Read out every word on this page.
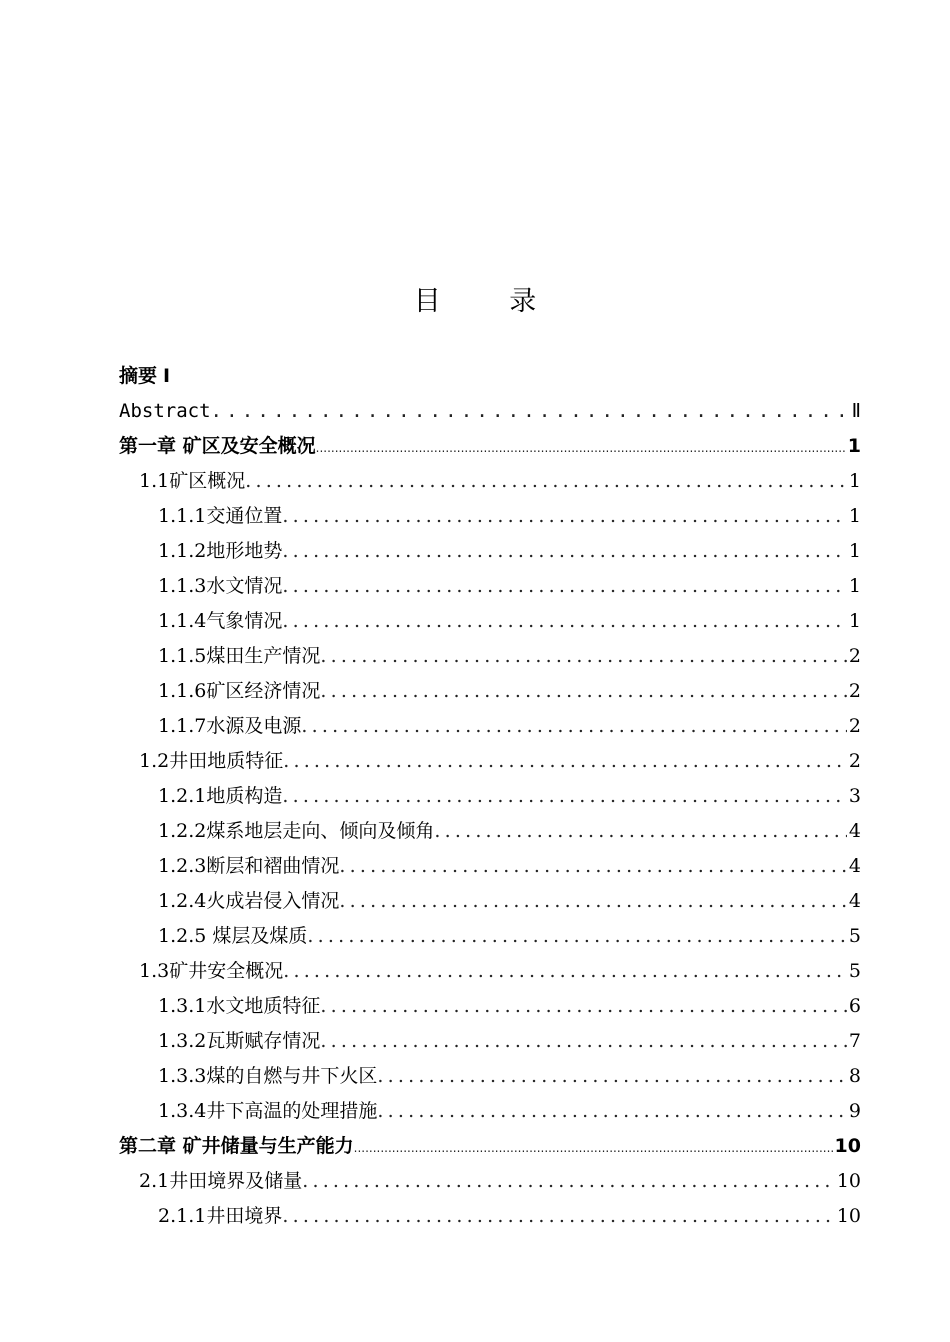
目 录
摘要 Ⅰ
Abstract .....	Ⅱ
第一章 矿区及安全概况 .....	1
1.1矿区概况 .....	1
1.1.1交通位置 .....	1
1.1.2地形地势 .....	1
1.1.3水文情况 .....	1
1.1.4气象情况 .....	1
1.1.5煤田生产情况 .....	2
1.1.6矿区经济情况 .....	2
1.1.7水源及电源 .....	2
1.2井田地质特征 .....	2
1.2.1地质构造 .....	3
1.2.2煤系地层走向、倾向及倾角 .....	4
1.2.3断层和褶曲情况 .....	4
1.2.4火成岩侵入情况 .....	4
1.2.5 煤层及煤质 .....	5
1.3矿井安全概况 .....	5
1.3.1水文地质特征 .....	6
1.3.2瓦斯赋存情况 .....	7
1.3.3煤的自燃与井下火区 .....	8
1.3.4井下高温的处理措施 .....	9
第二章 矿井储量与生产能力 .....	10
2.1井田境界及储量 .....	10
2.1.1井田境界 .....	10
